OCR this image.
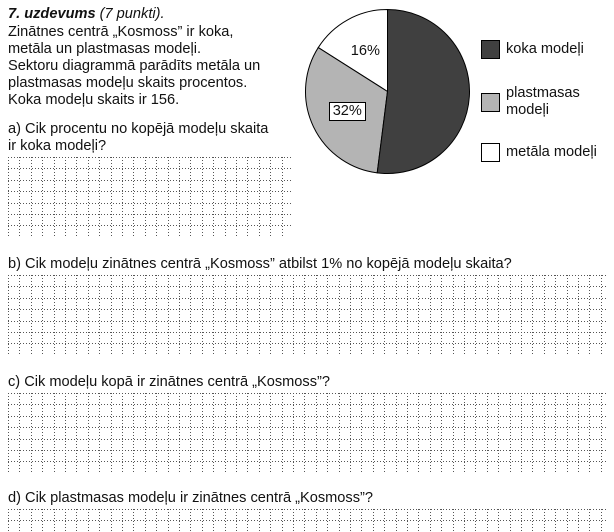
7. uzdevums (7 punkti).

Zinātnes centrā „Kosmoss” ir koka,

metāla un plastmasas modeļi.

Sektoru diagrammā parādīts metāla un

plastmasas modeļu skaits procentos.

Koka modeļu skaits ir 156.

a) Cik procentu no kopējā modeļu skaita
ir koka modeļi?
16%
32%
koka modeļi
plastmasas
modeļi
metāla modeļi
b) Cik modeļu zinātnes centrā „Kosmoss” atbilst 1% no kopējā modeļu skaita?
c) Cik modeļu kopā ir zinātnes centrā „Kosmoss”?
d) Cik plastmasas modeļu ir zinātnes centrā „Kosmoss”?
